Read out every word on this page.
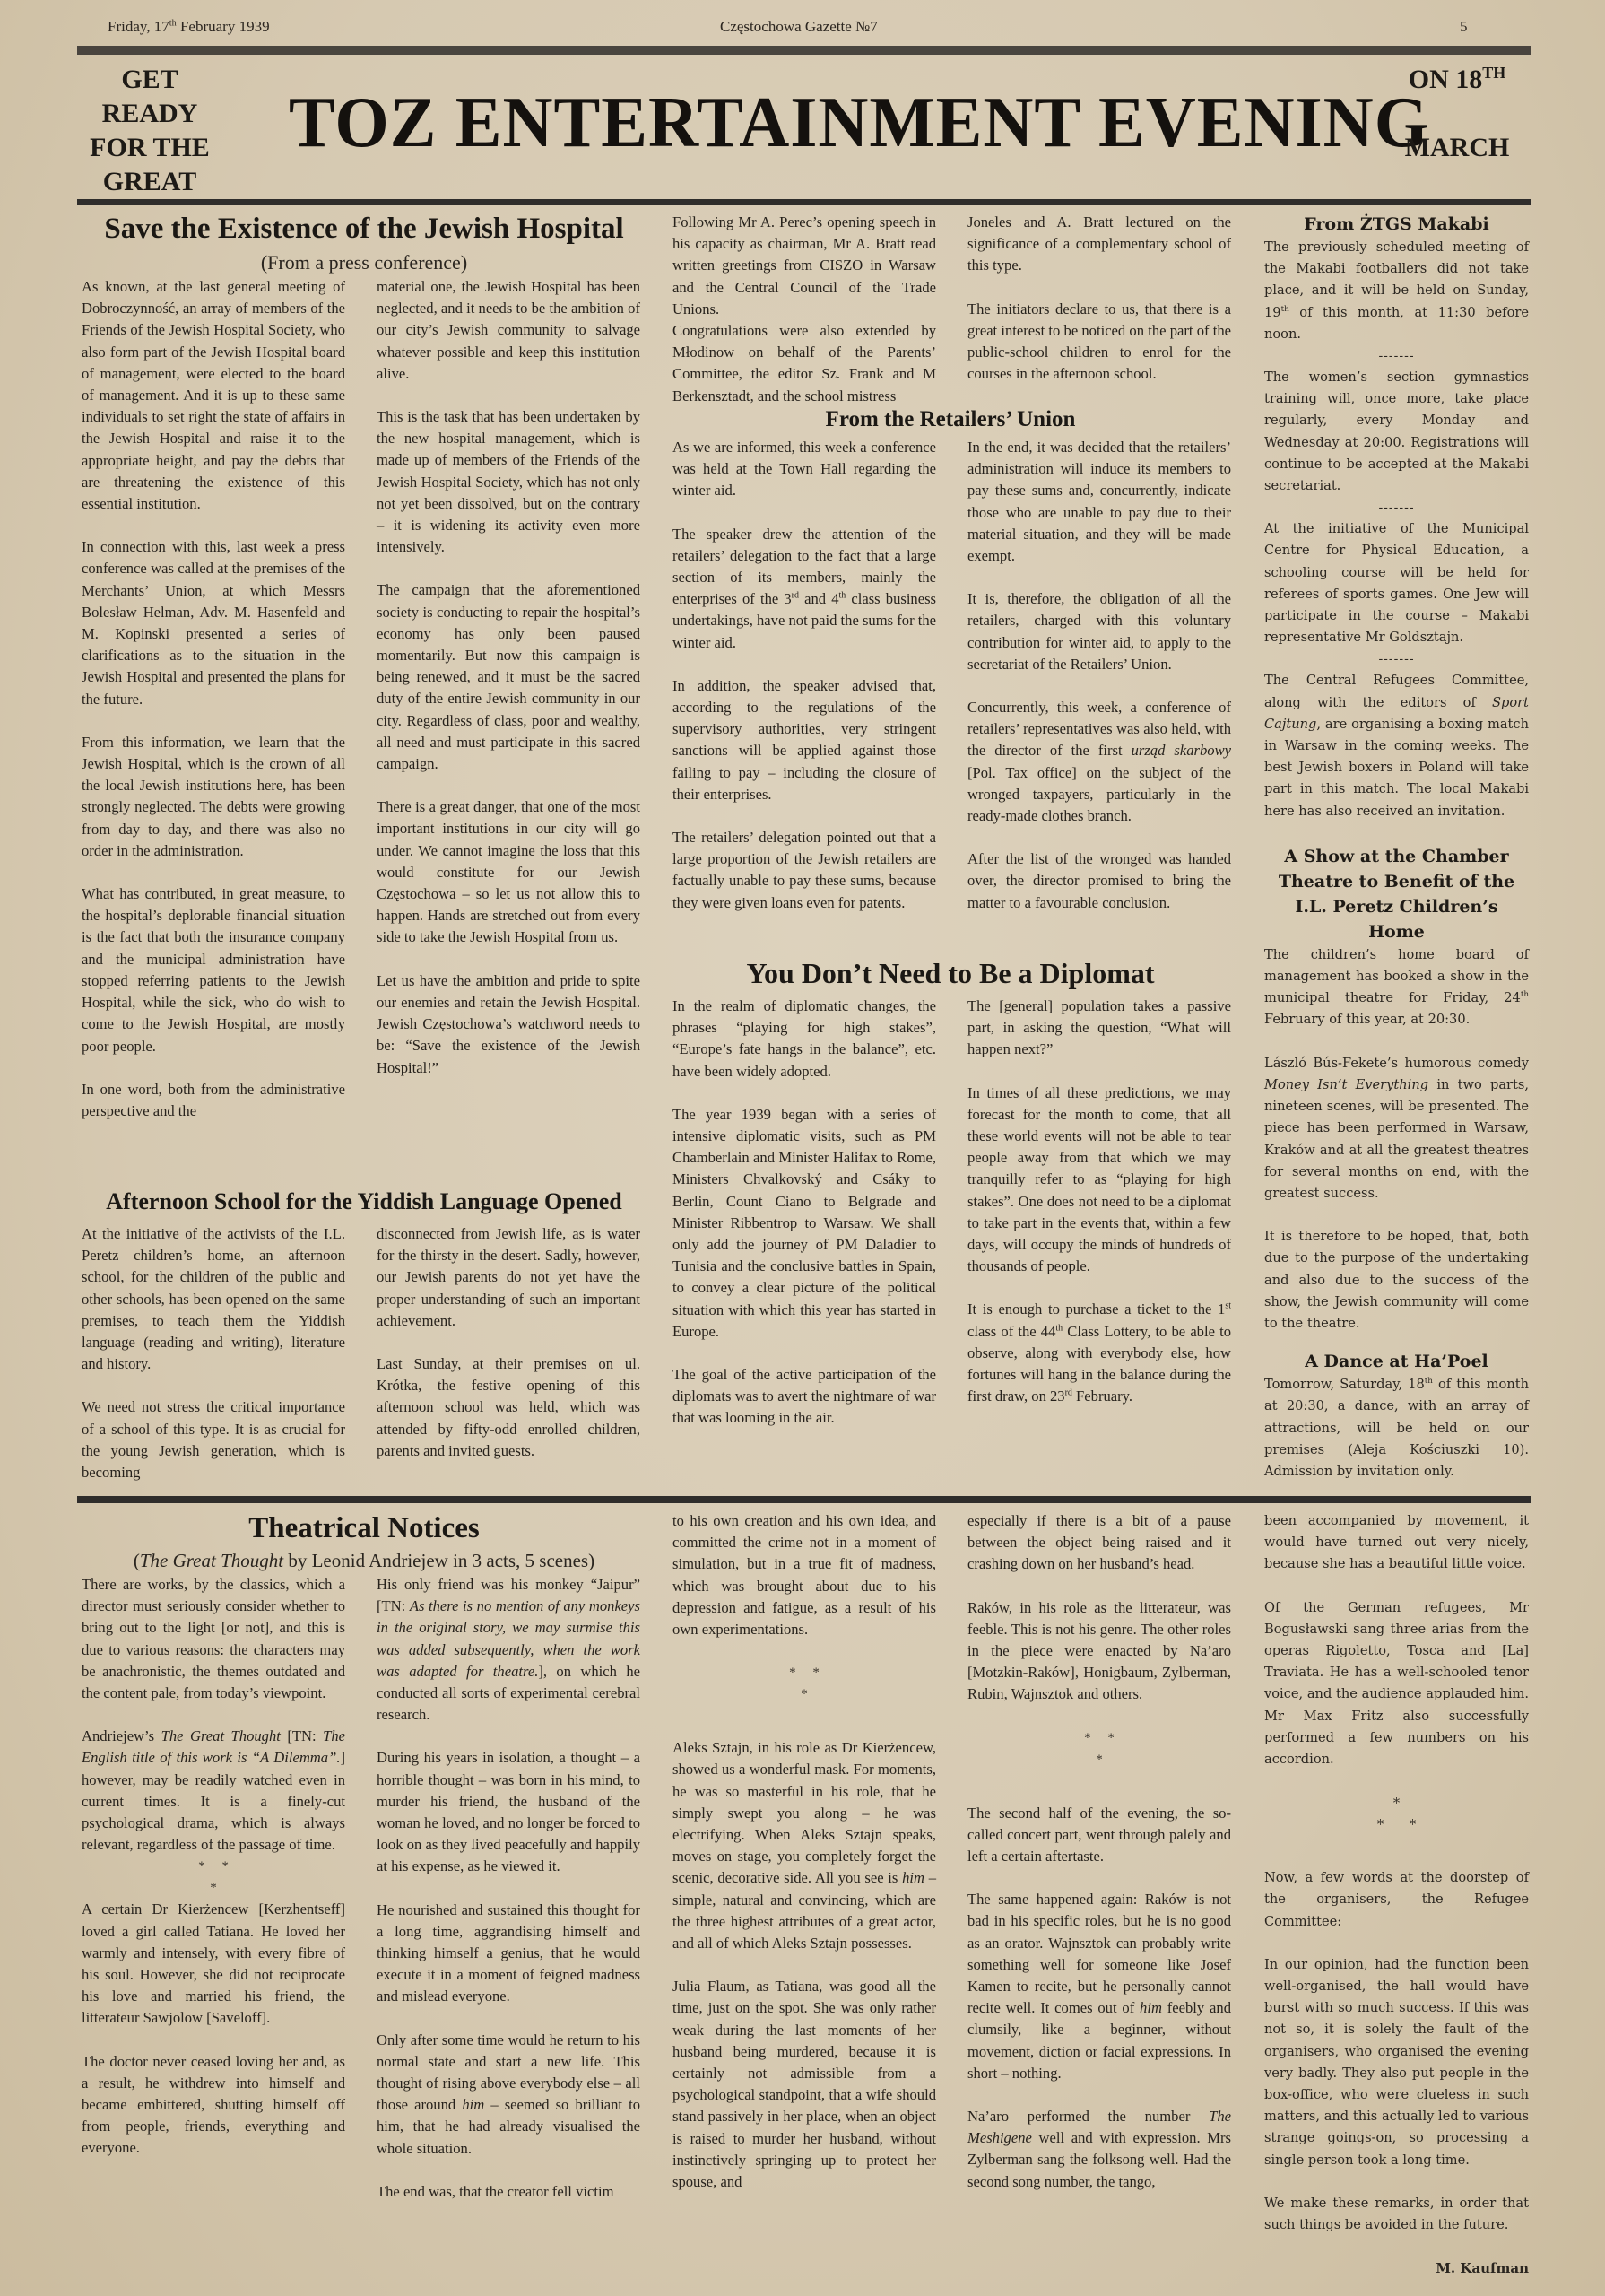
Friday, 17th February 1939	Częstochowa Gazette №7	5
GET
READY
FOR THE
GREAT
TOZ ENTERTAINMENT EVENING
ON 18TH
MARCH
Save the Existence of the Jewish Hospital
(From a press conference)

As known, at the last general meeting of Dobroczynność, an array of members of the Friends of the Jewish Hospital Society, who also form part of the Jewish Hospital board of management, were elected to the board of management. And it is up to these same individuals to set right the state of affairs in the Jewish Hospital and raise it to the appropriate height, and pay the debts that are threatening the existence of this essential institution.

In connection with this, last week a press conference was called at the premises of the Merchants’ Union, at which Messrs Bolesław Helman, Adv. M. Hasenfeld and M. Kopinski presented a series of clarifications as to the situation in the Jewish Hospital and presented the plans for the future.

From this information, we learn that the Jewish Hospital, which is the crown of all the local Jewish institutions here, has been strongly neglected. The debts were growing from day to day, and there was also no order in the administration.

What has contributed, in great measure, to the hospital’s deplorable financial situation is the fact that both the insurance company and the municipal administration have stopped referring patients to the Jewish Hospital, while the sick, who do wish to come to the Jewish Hospital, are mostly poor people.

In one word, both from the administrative perspective and the

material one, the Jewish Hospital has been neglected, and it needs to be the ambition of our city’s Jewish community to salvage whatever possible and keep this institution alive.

This is the task that has been undertaken by the new hospital management, which is made up of members of the Friends of the Jewish Hospital Society, which has not only not yet been dissolved, but on the contrary – it is widening its activity even more intensively.

The campaign that the aforementioned society is conducting to repair the hospital’s economy has only been paused momentarily. But now this campaign is being renewed, and it must be the sacred duty of the entire Jewish community in our city. Regardless of class, poor and wealthy, all need and must participate in this sacred campaign.

There is a great danger, that one of the most important institutions in our city will go under. We cannot imagine the loss that this would constitute for our Jewish Częstochowa – so let us not allow this to happen. Hands are stretched out from every side to take the Jewish Hospital from us.

Let us have the ambition and pride to spite our enemies and retain the Jewish Hospital. Jewish Częstochowa’s watchword needs to be: “Save the existence of the Jewish Hospital!”

Afternoon School for the Yiddish Language Opened

At the initiative of the activists of the I.L. Peretz children’s home, an afternoon school, for the children of the public and other schools, has been opened on the same premises, to teach them the Yiddish language (reading and writing), literature and history.

We need not stress the critical importance of a school of this type. It is as crucial for the young Jewish generation, which is becoming

disconnected from Jewish life, as is water for the thirsty in the desert. Sadly, however, our Jewish parents do not yet have the proper understanding of such an important achievement.

Last Sunday, at their premises on ul. Krótka, the festive opening of this afternoon school was held, which was attended by fifty-odd enrolled children, parents and invited guests.

Following Mr A. Perec’s opening speech in his capacity as chairman, Mr A. Bratt read written greetings from CISZO in Warsaw and the Central Council of the Trade Unions.

Congratulations were also extended by Młodinow on behalf of the Parents’ Committee, the editor Sz. Frank and M Berkensztadt, and the school mistress

Joneles and A. Bratt lectured on the significance of a complementary school of this type.

The initiators declare to us, that there is a great interest to be noticed on the part of the public-school children to enrol for the courses in the afternoon school.

From the Retailers’ Union

As we are informed, this week a conference was held at the Town Hall regarding the winter aid.

The speaker drew the attention of the retailers’ delegation to the fact that a large section of its members, mainly the enterprises of the 3rd and 4th class business undertakings, have not paid the sums for the winter aid.

In addition, the speaker advised that, according to the regulations of the supervisory authorities, very stringent sanctions will be applied against those failing to pay – including the closure of their enterprises.

The retailers’ delegation pointed out that a large proportion of the Jewish retailers are factually unable to pay these sums, because they were given loans even for patents.

In the end, it was decided that the retailers’ administration will induce its members to pay these sums and, concurrently, indicate those who are unable to pay due to their material situation, and they will be made exempt.

It is, therefore, the obligation of all the retailers, charged with this voluntary contribution for winter aid, to apply to the secretariat of the Retailers’ Union.

Concurrently, this week, a conference of retailers’ representatives was also held, with the director of the first urząd skarbowy [Pol. Tax office] on the subject of the wronged taxpayers, particularly in the ready-made clothes branch.

After the list of the wronged was handed over, the director promised to bring the matter to a favourable conclusion.

You Don’t Need to Be a Diplomat

In the realm of diplomatic changes, the phrases “playing for high stakes”, “Europe’s fate hangs in the balance”, etc. have been widely adopted.

The year 1939 began with a series of intensive diplomatic visits, such as PM Chamberlain and Minister Halifax to Rome, Ministers Chvalkovský and Csáky to Berlin, Count Ciano to Belgrade and Minister Ribbentrop to Warsaw. We shall only add the journey of PM Daladier to Tunisia and the conclusive battles in Spain, to convey a clear picture of the political situation with which this year has started in Europe.

The goal of the active participation of the diplomats was to avert the nightmare of war that was looming in the air.

The [general] population takes a passive part, in asking the question, “What will happen next?”

In times of all these predictions, we may forecast for the month to come, that all these world events will not be able to tear people away from that which we may tranquilly refer to as “playing for high stakes”. One does not need to be a diplomat to take part in the events that, within a few days, will occupy the minds of hundreds of thousands of people.

It is enough to purchase a ticket to the 1st class of the 44th Class Lottery, to be able to observe, along with everybody else, how fortunes will hang in the balance during the first draw, on 23rd February.

From ŻTGS Makabi

The previously scheduled meeting of the Makabi footballers did not take place, and it will be held on Sunday, 19th of this month, at 11:30 before noon.

-------

The women’s section gymnastics training will, once more, take place regularly, every Monday and Wednesday at 20:00. Registrations will continue to be accepted at the Makabi secretariat.

-------

At the initiative of the Municipal Centre for Physical Education, a schooling course will be held for referees of sports games. One Jew will participate in the course – Makabi representative Mr Goldsztajn.

-------

The Central Refugees Committee, along with the editors of Sport Cajtung, are organising a boxing match in Warsaw in the coming weeks. The best Jewish boxers in Poland will take part in this match. The local Makabi here has also received an invitation.

A Show at the Chamber Theatre to Benefit of the I.L. Peretz Children’s Home

The children’s home board of management has booked a show in the municipal theatre for Friday, 24th February of this year, at 20:30.

László Bús-Fekete’s humorous comedy Money Isn’t Everything in two parts, nineteen scenes, will be presented. The piece has been performed in Warsaw, Kraków and at all the greatest theatres for several months on end, with the greatest success.

It is therefore to be hoped, that, both due to the purpose of the undertaking and also due to the success of the show, the Jewish community will come to the theatre.

A Dance at Ha’Poel

Tomorrow, Saturday, 18th of this month at 20:30, a dance, with an array of attractions, will be held on our premises (Aleja Kościuszki 10). Admission by invitation only.

Theatrical Notices
(The Great Thought by Leonid Andriejew in 3 acts, 5 scenes)

There are works, by the classics, which a director must seriously consider whether to bring out to the light [or not], and this is due to various reasons: the characters may be anachronistic, the themes outdated and the content pale, from today’s viewpoint.

Andriejew’s The Great Thought [TN: The English title of this work is “A Dilemma”.] however, may be readily watched even in current times. It is a finely-cut psychological drama, which is always relevant, regardless of the passage of time.

*     *
*

A certain Dr Kierżencew [Kerzhentseff] loved a girl called Tatiana. He loved her warmly and intensely, with every fibre of his soul. However, she did not reciprocate his love and married his friend, the litterateur Sawjolow [Saveloff].

The doctor never ceased loving her and, as a result, he withdrew into himself and became embittered, shutting himself off from people, friends, everything and everyone.

His only friend was his monkey “Jaipur” [TN: As there is no mention of any monkeys in the original story, we may surmise this was added subsequently, when the work was adapted for theatre.], on which he conducted all sorts of experimental cerebral research.

During his years in isolation, a thought – a horrible thought – was born in his mind, to murder his friend, the husband of the woman he loved, and no longer be forced to look on as they lived peacefully and happily at his expense, as he viewed it.

He nourished and sustained this thought for a long time, aggrandising himself and thinking himself a genius, that he would execute it in a moment of feigned madness and mislead everyone.

Only after some time would he return to his normal state and start a new life. This thought of rising above everybody else – all those around him – seemed so brilliant to him, that he had already visualised the whole situation.

The end was, that the creator fell victim

to his own creation and his own idea, and committed the crime not in a moment of simulation, but in a true fit of madness, which was brought about due to his depression and fatigue, as a result of his own experimentations.

*     *
*

Aleks Sztajn, in his role as Dr Kierżencew, showed us a wonderful mask. For moments, he was so masterful in his role, that he simply swept you along – he was electrifying. When Aleks Sztajn speaks, moves on stage, you completely forget the scenic, decorative side. All you see is him – simple, natural and convincing, which are the three highest attributes of a great actor, and all of which Aleks Sztajn possesses.

Julia Flaum, as Tatiana, was good all the time, just on the spot. She was only rather weak during the last moments of her husband being murdered, because it is certainly not admissible from a psychological standpoint, that a wife should stand passively in her place, when an object is raised to murder her husband, without instinctively springing up to protect her spouse, and

especially if there is a bit of a pause between the object being raised and it crashing down on her husband’s head.

Raków, in his role as the litterateur, was feeble. This is not his genre. The other roles in the piece were enacted by Na’aro [Motzkin-Raków], Honigbaum, Zylberman, Rubin, Wajnsztok and others.

*     *
*

The second half of the evening, the so-called concert part, went through palely and left a certain aftertaste.

The same happened again: Raków is not bad in his specific roles, but he is no good as an orator. Wajnsztok can probably write something well for someone like Josef Kamen to recite, but he personally cannot recite well. It comes out of him feebly and clumsily, like a beginner, without movement, diction or facial expressions. In short – nothing.

Na’aro performed the number The Meshigene well and with expression. Mrs Zylberman sang the folksong well. Had the second song number, the tango,

been accompanied by movement, it would have turned out very nicely, because she has a beautiful little voice.

Of the German refugees, Mr Bogusławski sang three arias from the operas Rigoletto, Tosca and [La] Traviata. He has a well-schooled tenor voice, and the audience applauded him. Mr Max Fritz also successfully performed a few numbers on his accordion.

*
*      *

Now, a few words at the doorstep of the organisers, the Refugee Committee:

In our opinion, had the function been well-organised, the hall would have burst with so much success. If this was not so, it is solely the fault of the organisers, who organised the evening very badly. They also put people in the box-office, who were clueless in such matters, and this actually led to various strange goings-on, so processing a single person took a long time.

We make these remarks, in order that such things be avoided in the future.

M. Kaufman
